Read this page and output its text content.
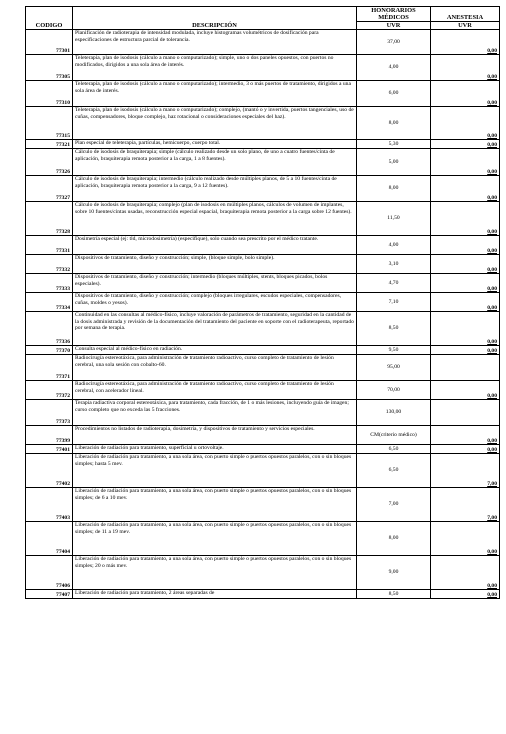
CODIGO	DESCRIPCIÓN	HONORARIOS MÉDICOS	ANESTESIA
		UVR	UVR
77301	Planificación de radioterapia de intensidad modulada, incluye histogramas volumétricos de dosificación para especificaciones de estructura parcial de tolerancia.	37,00	0,00
77305	Teleterapia, plan de isodosis (cálculo a mano o computarizado); simple, uno o dos paneles opuestos, con puertos no modificados, dirigidos a una sola área de interés.	4,00	0,00
77310	Teleterapia, plan de isodosis (cálculo a mano o computarizado); intermedio, 3 o más puertos de tratamiento, dirigidos a una sola área de interés.	6,00	0,00
77315	Teleterapia, plan de isodosis (cálculo a mano o computarizado); complejo, (mantó o y invertida, puertos tangenciales, uso de cuñas, compensadores, bloque complejo, haz rotacional o consideraciones especiales del haz).	8,00	0,00
77321	Plan especial de teleterapia, partículas, hemicuerpo, cuerpo total.	5,30	0,00
77326	Cálculo de isodosis de braquiterapia; simple (cálculo realizado desde un solo plano, de uno a cuatro fuentes/cinta de aplicación, braquiterapia remota posterior a la carga, 1 a 8 fuentes).	5,00	0,00
77327	Cálculo de isodosis de braquiterapia; intermedio (cálculo realizado desde múltiples planos, de 5 a 10 fuentes/cinta de aplicación, braquiterapia remota posterior a la carga, 9 a 12 fuentes).	8,00	0,00
77328	Cálculo de isodosis de braquiterapia; complejo (plan de isodosis en múltiples planos, cálculos de volumen de implantes, sobre 10 fuentes/cintas usadas, reconstrucción especial espacial, braquiterapia remota posterior a la carga sobre 12 fuentes).	11,50	0,00
77331	Dosimetría especial (ej: tld, microdosimetría) (especifique), solo cuando sea prescrito por el médico tratante.	4,00	0,00
77332	Dispositivos de tratamiento, diseño y construcción; simple, (bloque simple, bolo simple).	3,10	0,00
77333	Dispositivos de tratamiento, diseño y construcción; intermedio (bloques múltiples, stents, bloques picados, bolos especiales).	4,70	0,00
77334	Dispositivos de tratamiento, diseño y construcción; complejo (bloques irregulares, escudos especiales, compensadores, cuñas, moldes o yesos).	7,10	0,00
77336	Continuidad en las consultas al médico-físico, incluye valoración de parámetros de tratamiento, seguridad en la cantidad de la dosis administrada y revisión de la documentación del tratamiento del paciente en soporte con el radioterapeuta, reportado por semana de terapia.	8,50	0,00
77370	Consulta especial al médico-físico en radiación.	9,50	0,00
77371	Radiocirugía estereotáxica, para administración de tratamiento radioactivo, curso completo de tratamiento de lesión cerebral, una sola sesión con cobalto-60.	95,00	
77372	Radiocirugía estereotáxica, para administración de tratamiento radioactivo, curso completo de tratamiento de lesión cerebral, con acelerador lineal.	70,00	0,00
77373	Terapia radiactiva corporal estereotáxica, para tratamiento, cada fracción, de 1 o más lesiones, incluyendo guía de imagen; curso completo que no exceda las 5 fracciones.	130,00	
77399	Procedimientos no listados de radioterapia, dosimetría, y dispositivos de tratamiento y servicios especiales.	CM(criterio médico)	0,00
77401	Liberación de radiación para tratamiento, superficial u ortovoltaje.	6,50	0,00
77402	Liberación de radiación para tratamiento, a una sola área, con puerto simple o puertos opuestos paralelos, con o sin bloques simples; hasta 5 mev.	6,50	7,00
77403	Liberación de radiación para tratamiento, a una sola área, con puerto simple o puertos opuestos paralelos, con o sin bloques simples; de 6 a 10 mev.	7,00	7,00
77404	Liberación de radiación para tratamiento, a una sola área, con puerto simple o puertos opuestos paralelos, con o sin bloques simples; de 11 a 19 mev.	8,00	0,00
77406	Liberación de radiación para tratamiento, a una sola área, con puerto simple o puertos opuestos paralelos, con o sin bloques simples; 20 o más mev.	9,00	0,00
77407	Liberación de radiación para tratamiento, 2 áreas separadas de	8,50	0,00
